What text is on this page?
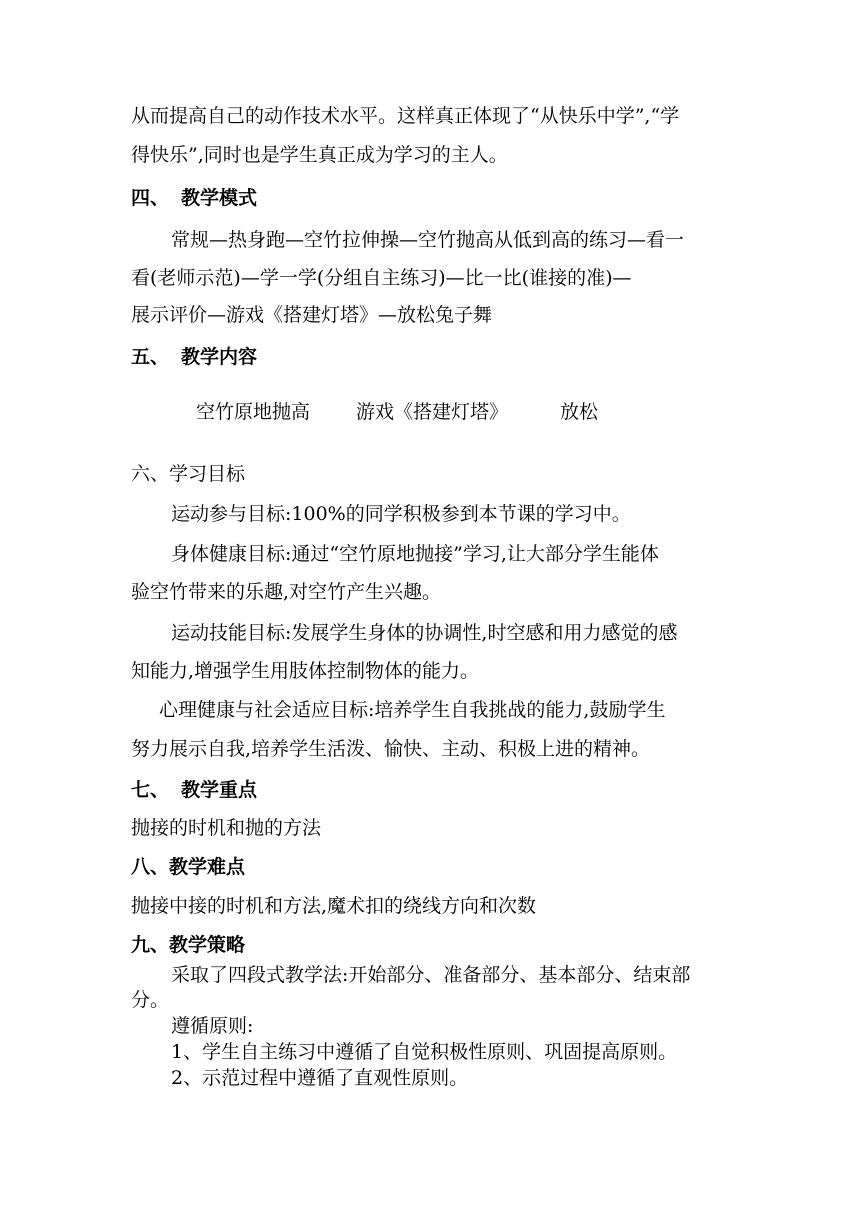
从而提高自己的动作技术水平。这样真正体现了“从快乐中学”,“学
得快乐”,同时也是学生真正成为学习的主人。
四、 教学模式
常规—热身跑—空竹拉伸操—空竹抛高从低到高的练习—看一
看(老师示范)—学一学(分组自主练习)—比一比(谁接的准)—
展示评价—游戏《搭建灯塔》—放松兔子舞
五、 教学内容
空竹原地抛高 游戏《搭建灯塔》	放松
六、学习目标
运动参与目标:100%的同学积极参到本节课的学习中。
身体健康目标:通过“空竹原地抛接”学习,让大部分学生能体
验空竹带来的乐趣,对空竹产生兴趣。
运动技能目标:发展学生身体的协调性,时空感和用力感觉的感
知能力,增强学生用肢体控制物体的能力。
心理健康与社会适应目标:培养学生自我挑战的能力,鼓励学生
努力展示自我,培养学生活泼、愉快、主动、积极上进的精神。
七、 教学重点
抛接的时机和抛的方法
八、教学难点
抛接中接的时机和方法,魔术扣的绕线方向和次数
九、教学策略
采取了四段式教学法:开始部分、准备部分、基本部分、结束部
分。
遵循原则:
1、学生自主练习中遵循了自觉积极性原则、巩固提高原则。
2、示范过程中遵循了直观性原则。
